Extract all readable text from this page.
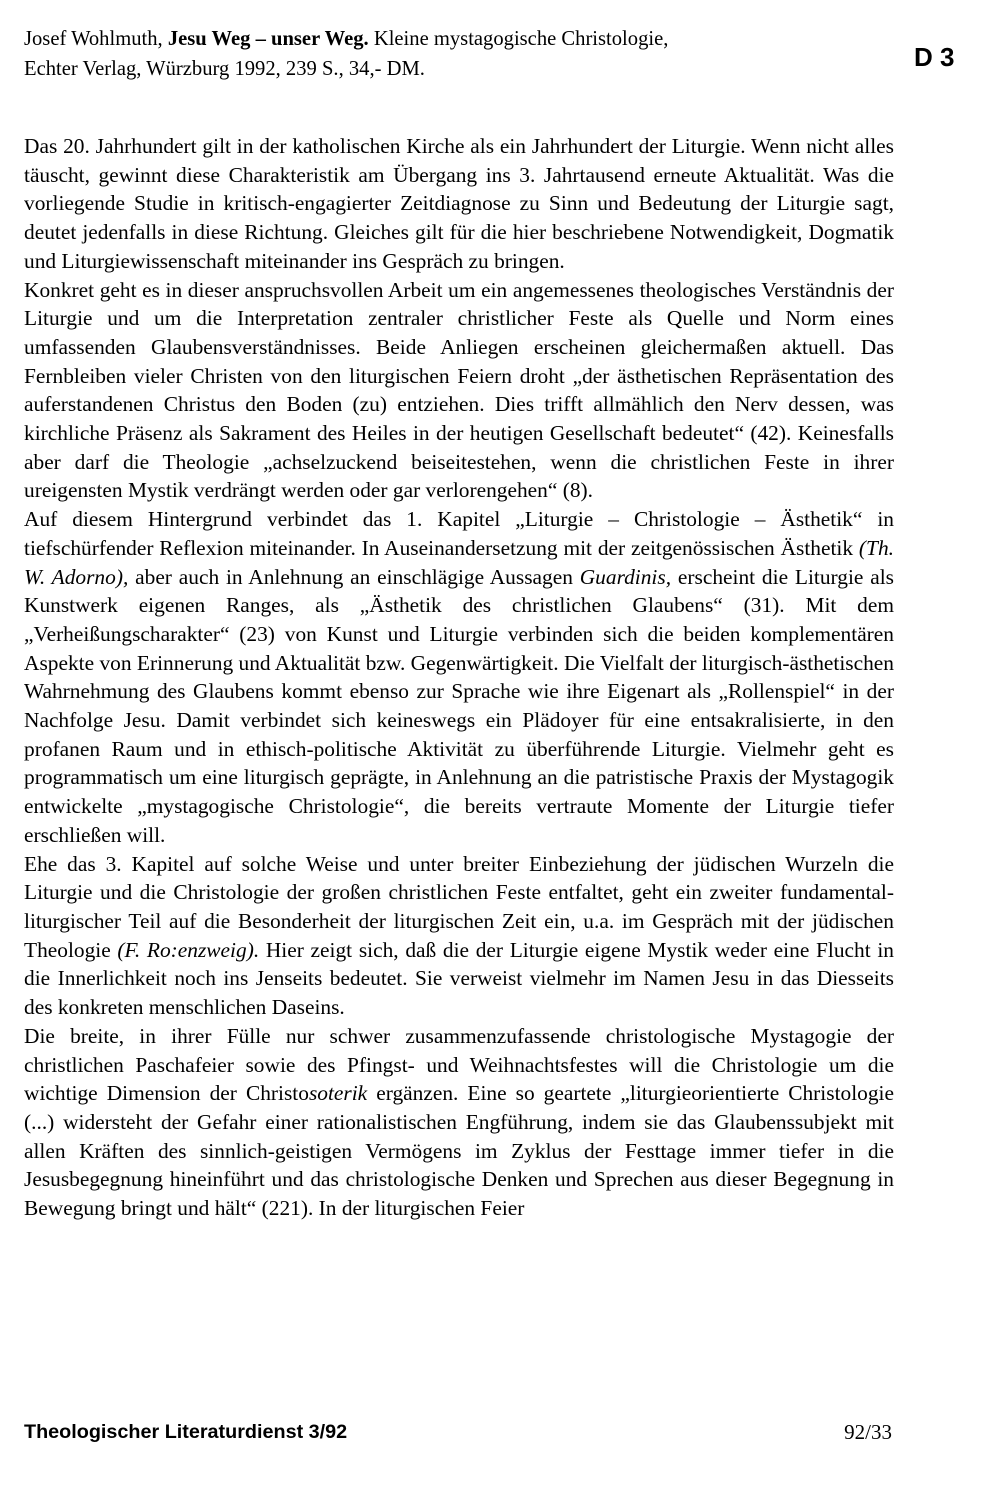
Josef Wohlmuth, Jesu Weg – unser Weg. Kleine mystagogische Christologie,
Echter Verlag, Würzburg 1992, 239 S., 34,- DM.	D 3

Das 20. Jahrhundert gilt in der katholischen Kirche als ein Jahrhundert der Liturgie. Wenn nicht alles täuscht, gewinnt diese Charakteristik am Übergang ins 3. Jahrtausend erneute Aktualität. Was die vorliegende Studie in kritisch-engagierter Zeitdiagnose zu Sinn und Bedeutung der Liturgie sagt, deutet jedenfalls in diese Richtung. Gleiches gilt für die hier beschriebene Notwendigkeit, Dogmatik und Liturgiewissenschaft miteinander ins Gespräch zu bringen.

Konkret geht es in dieser anspruchsvollen Arbeit um ein angemessenes theologisches Verständnis der Liturgie und um die Interpretation zentraler christlicher Feste als Quelle und Norm eines umfassenden Glaubensverständnisses. Beide Anliegen erscheinen gleichermaßen aktuell. Das Fernbleiben vieler Christen von den liturgischen Feiern droht „der ästhetischen Repräsentation des auferstandenen Christus den Boden (zu) entziehen. Dies trifft allmählich den Nerv dessen, was kirchliche Präsenz als Sakrament des Heiles in der heutigen Gesellschaft bedeutet“ (42). Keinesfalls aber darf die Theologie „achselzuckend beiseitestehen, wenn die christlichen Feste in ihrer ureigensten Mystik verdrängt werden oder gar verlorengehen“ (8).

Auf diesem Hintergrund verbindet das 1. Kapitel „Liturgie – Christologie – Ästhetik“ in tiefschürfender Reflexion miteinander. In Auseinandersetzung mit der zeitgenössischen Ästhetik (Th. W. Adorno), aber auch in Anlehnung an einschlägige Aussagen Guardinis, erscheint die Liturgie als Kunstwerk eigenen Ranges, als „Ästhetik des christlichen Glaubens“ (31). Mit dem „Verheißungscharakter“ (23) von Kunst und Liturgie verbinden sich die beiden komplementären Aspekte von Erinnerung und Aktualität bzw. Gegenwärtigkeit. Die Vielfalt der liturgisch-ästhetischen Wahrnehmung des Glaubens kommt ebenso zur Sprache wie ihre Eigenart als „Rollenspiel“ in der Nachfolge Jesu. Damit verbindet sich keineswegs ein Plädoyer für eine entsakralisierte, in den profanen Raum und in ethisch-politische Aktivität zu überführende Liturgie. Vielmehr geht es programmatisch um eine liturgisch geprägte, in Anlehnung an die patristische Praxis der Mystagogik entwickelte „mystagogische Christologie“, die bereits vertraute Momente der Liturgie tiefer erschließen will.

Ehe das 3. Kapitel auf solche Weise und unter breiter Einbeziehung der jüdischen Wurzeln die Liturgie und die Christologie der großen christlichen Feste entfaltet, geht ein zweiter fundamental-liturgischer Teil auf die Besonderheit der liturgischen Zeit ein, u.a. im Gespräch mit der jüdischen Theologie (F. Ro:enzweig). Hier zeigt sich, daß die der Liturgie eigene Mystik weder eine Flucht in die Innerlichkeit noch ins Jenseits bedeutet. Sie verweist vielmehr im Namen Jesu in das Diesseits des konkreten menschlichen Daseins.

Die breite, in ihrer Fülle nur schwer zusammenzufassende christologische Mystagogie der christlichen Paschafeier sowie des Pfingst- und Weihnachtsfestes will die Christologie um die wichtige Dimension der Christosoterik ergänzen. Eine so geartete „liturgieorientierte Christologie (...) widersteht der Gefahr einer rationalistischen Engführung, indem sie das Glaubenssubjekt mit allen Kräften des sinnlich-geistigen Vermögens im Zyklus der Festtage immer tiefer in die Jesusbegegnung hineinführt und das christologische Denken und Sprechen aus dieser Begegnung in Bewegung bringt und hält“ (221). In der liturgischen Feier

Theologischer Literaturdienst 3/92	92/33
